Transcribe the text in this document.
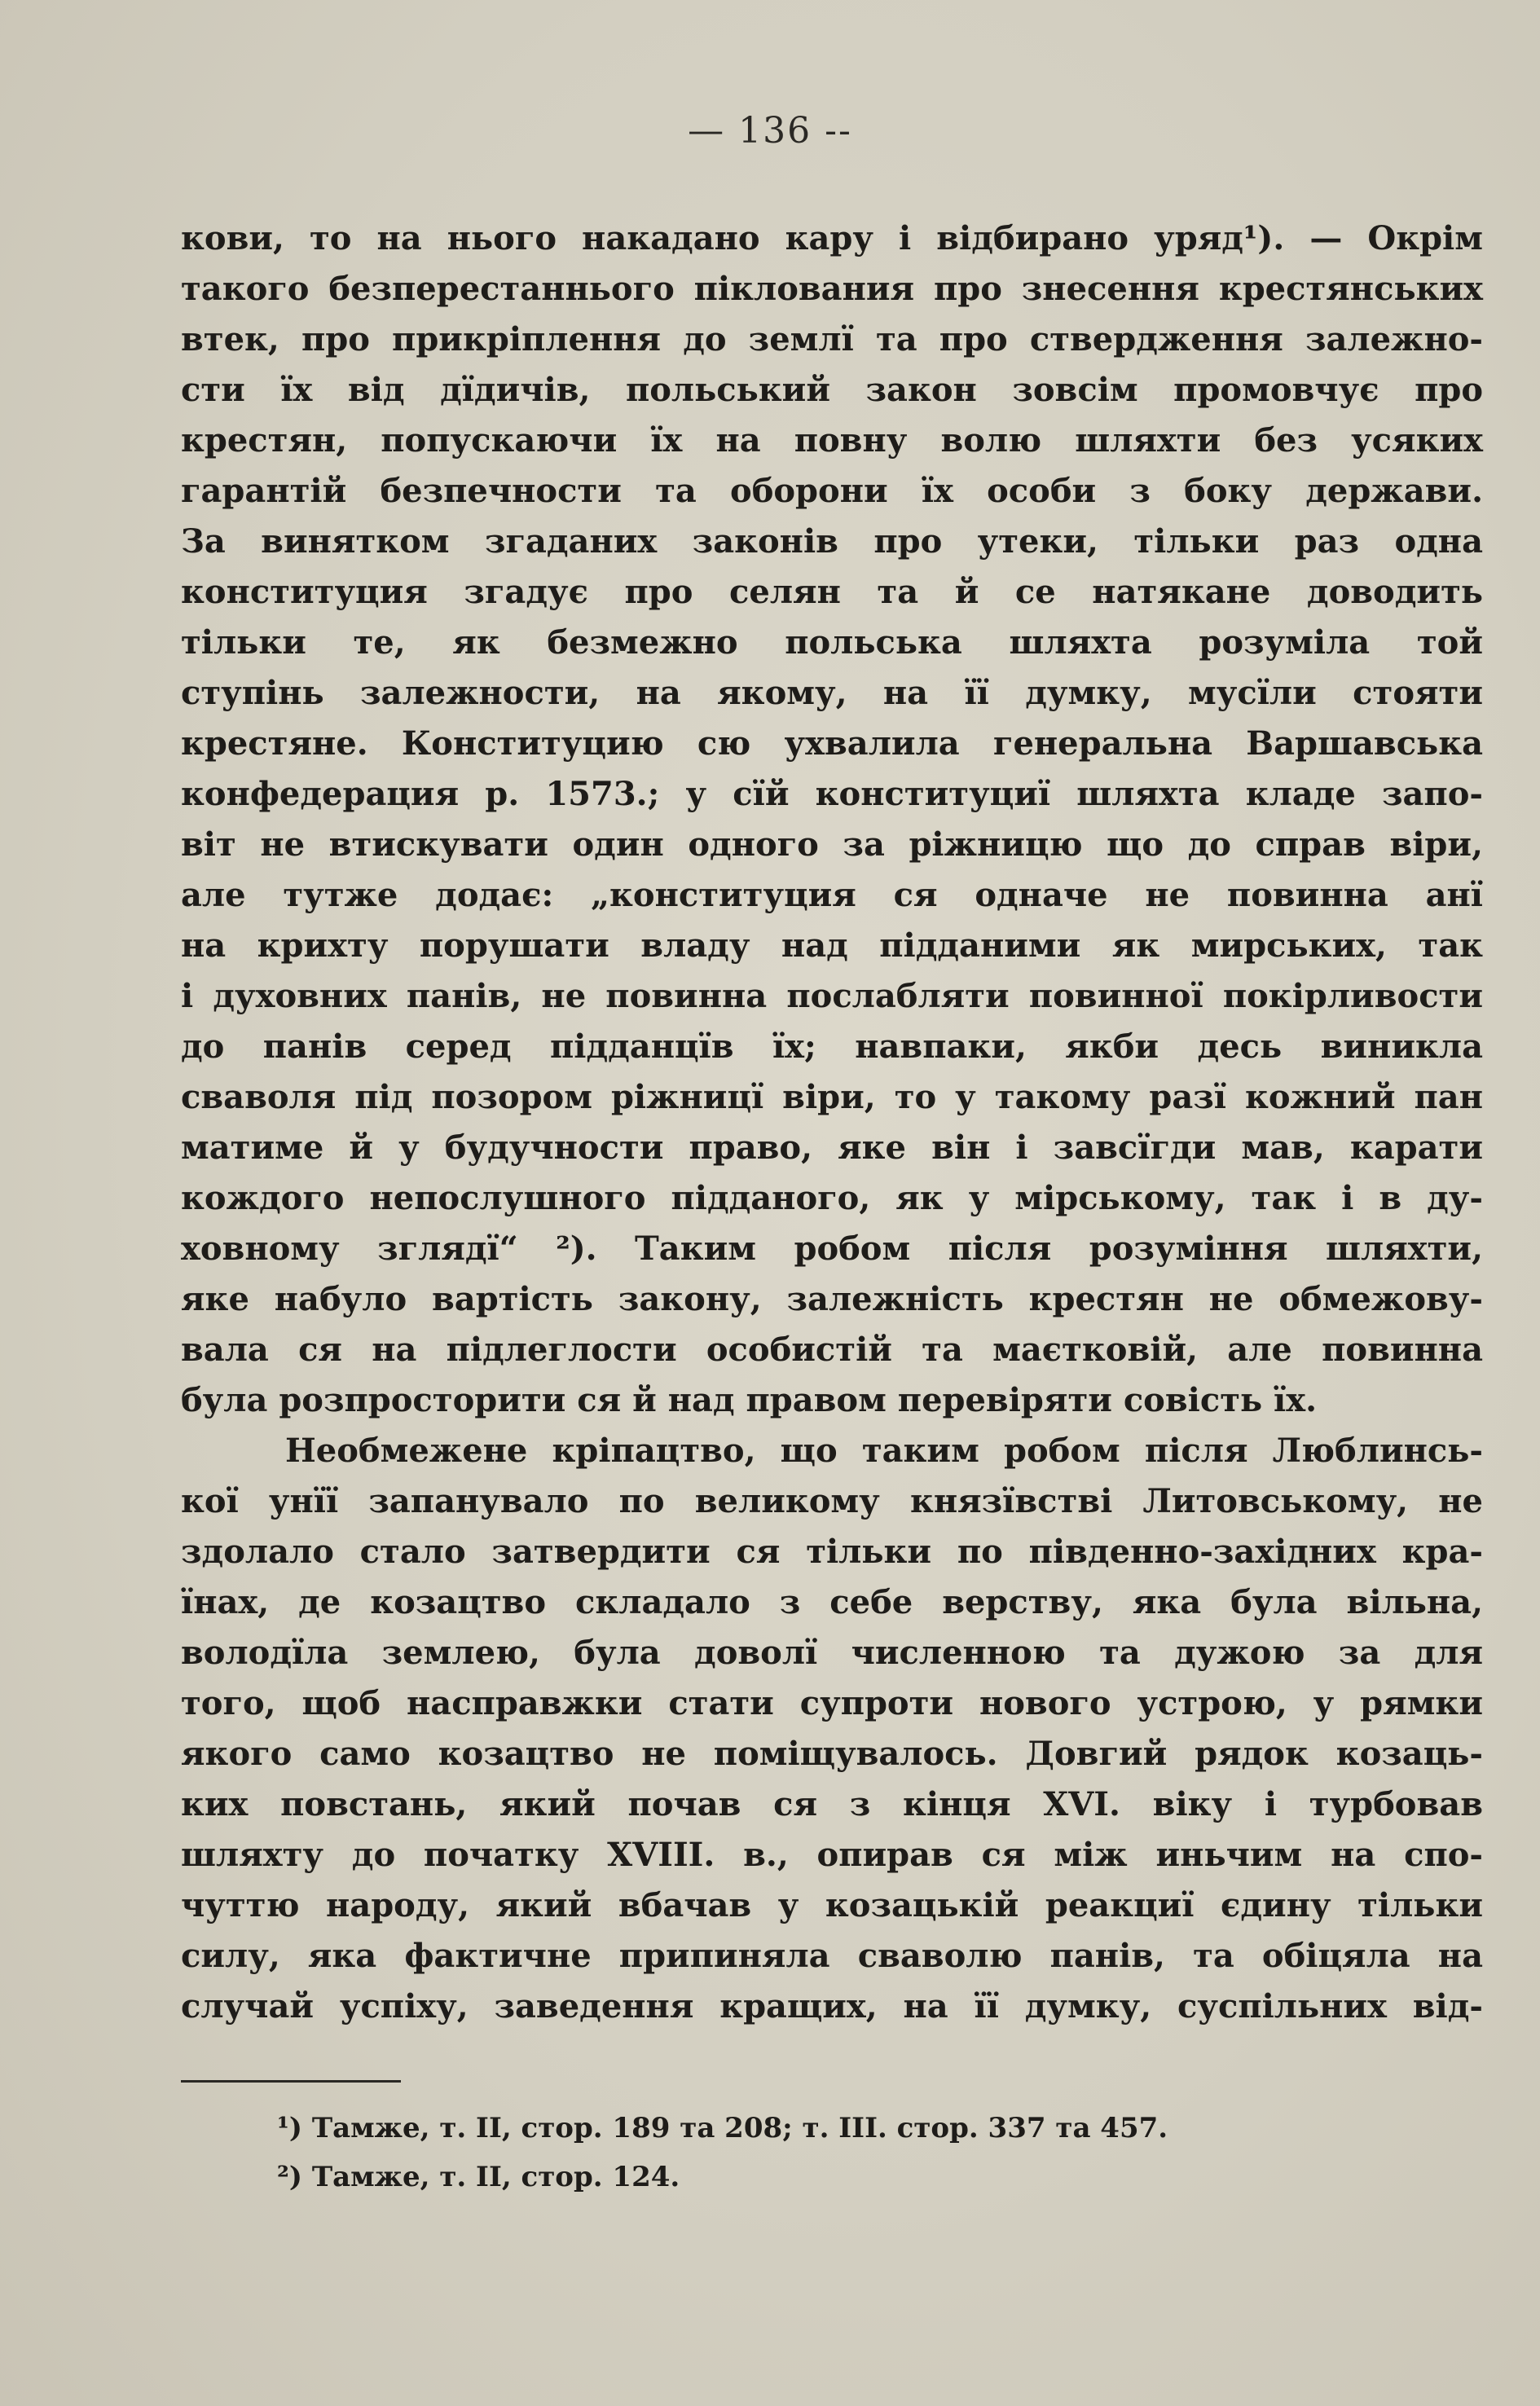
— 136 --
кови, то на нього накадано кару і відбирано уряд¹). — Окрім
такого безперестаннього піклования про знесення крестянських
втек, про прикріплення до землї та про ствердження залежно-
сти їх від дїдичів, польський закон зовсім промовчує про
крестян, попускаючи їх на повну волю шляхти без усяких
гарантій безпечности та оборони їх особи з боку держави.
За винятком згаданих законів про утеки, тільки раз одна
конституция згадує про селян та й се натякане доводить
тільки те, як безмежно польська шляхта розуміла той
ступінь залежности, на якому, на її думку, мусїли стояти
крестяне. Конституцию сю ухвалила генеральна Варшавська
конфедерация р. 1573.; у сїй конституциї шляхта кладе запо-
віт не втискувати один одного за ріжницю що до справ віри,
але тутже додає: „конституция ся одначе не повинна анї
на крихту порушати владу над підданими як мирських, так
і духовних панів, не повинна послабляти повинної покірливости
до панів серед підданцїв їх; навпаки, якби десь виникла
сваволя під позором ріжницї віри, то у такому разї кожний пан
матиме й у будучности право, яке він і завсїгди мав, карати
кождого непослушного підданого, як у мірському, так і в ду-
ховному зглядї“ ²). Таким робом після розуміння шляхти,
яке набуло вартість закону, залежність крестян не обмежову-
вала ся на підлеглости особистій та маєтковій, але повинна
була розпросторити ся й над правом перевіряти совість їх.
Необмежене кріпацтво, що таким робом після Люблинсь-
кої унїї запанувало по великому князївстві Литовському, не
здолало стало затвердити ся тільки по південно-західних кра-
їнах, де козацтво складало з себе верству, яка була вільна,
володїла землею, була доволї численною та дужою за для
того, щоб насправжки стати супроти нового устрою, у рямки
якого само козацтво не поміщувалось. Довгий рядок козаць-
ких повстань, який почав ся з кінця XVI. віку і турбовав
шляхту до початку XVIII. в., опирав ся між иньчим на спо-
чуттю народу, який вбачав у козацькій реакциї єдину тільки
силу, яка фактичне припиняла сваволю панів, та обіцяла на
случай успіху, заведення кращих, на її думку, суспільних від-
¹) Тамже, т. II, стор. 189 та 208; т. III. стор. 337 та 457.
²) Тамже, т. II, стор. 124.
